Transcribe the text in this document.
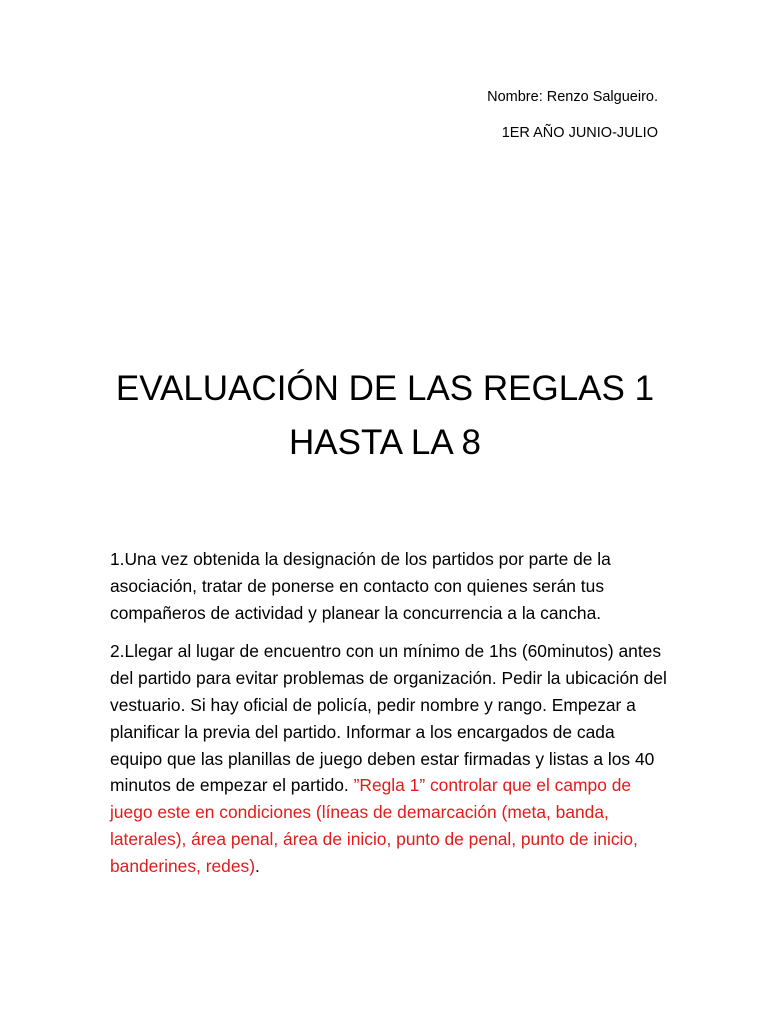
Nombre: Renzo Salgueiro.
1ER AÑO JUNIO-JULIO
EVALUACIÓN DE LAS REGLAS 1
HASTA LA 8

1.Una vez obtenida la designación de los partidos por parte de la asociación, tratar de ponerse en contacto con quienes serán tus compañeros de actividad y planear la concurrencia a la cancha.

2.Llegar al lugar de encuentro con un mínimo de 1hs (60minutos) antes del partido para evitar problemas de organización. Pedir la ubicación del vestuario. Si hay oficial de policía, pedir nombre y rango. Empezar a planificar la previa del partido. Informar a los encargados de cada equipo que las planillas de juego deben estar firmadas y listas a los 40 minutos de empezar el partido. ”Regla 1” controlar que el campo de juego este en condiciones (líneas de demarcación (meta, banda, laterales), área penal, área de inicio, punto de penal, punto de inicio, banderines, redes).
